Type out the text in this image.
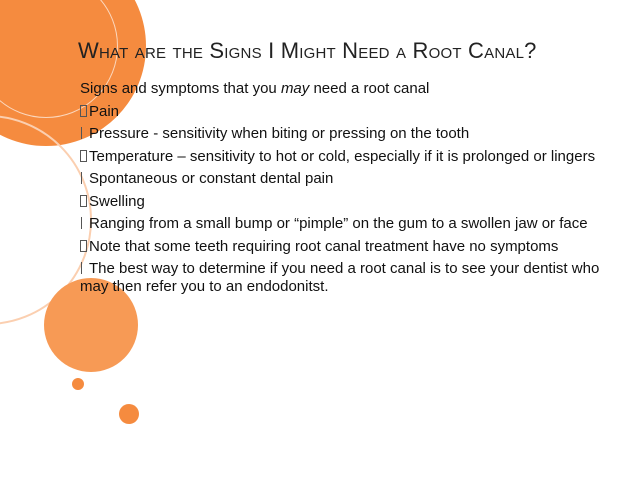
What are the Signs I Might Need a Root Canal?
Signs and symptoms that you may need a root canal
Pain
Pressure - sensitivity when biting or pressing on the tooth
Temperature – sensitivity to hot or cold, especially if it is prolonged or lingers
Spontaneous or constant dental pain
Swelling
Ranging from a small bump or “pimple” on the gum to a swollen jaw or face
Note that some teeth requiring root canal treatment have no symptoms
The best way to determine if you need a root canal is to see your dentist who may then refer you to an endodonitst.
